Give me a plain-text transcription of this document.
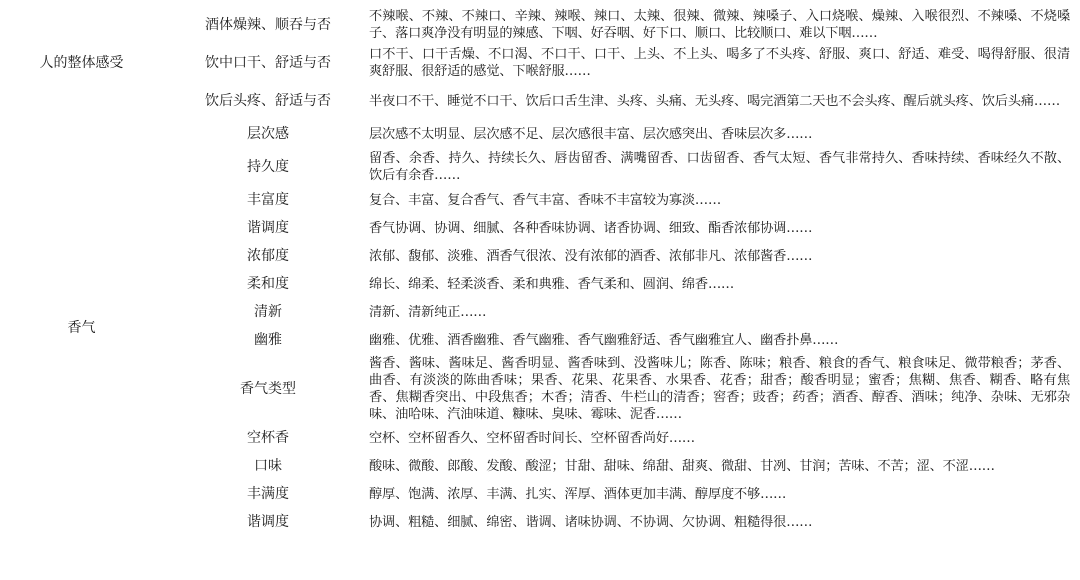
人的整体感受	酒体燥辣、顺吞与否	不辣喉、不辣、不辣口、辛辣、辣喉、辣口、太辣、很辣、微辣、辣嗓子、入口烧喉、燥辣、入喉很烈、不辣嗓、不烧嗓子、落口爽净没有明显的辣感、下咽、好吞咽、好下口、顺口、比较顺口、难以下咽……
	饮中口干、舒适与否	口不干、口干舌燥、不口渴、不口干、口干、上头、不上头、喝多了不头疼、舒服、爽口、舒适、难受、喝得舒服、很清爽舒服、很舒适的感觉、下喉舒服……
	饮后头疼、舒适与否	半夜口不干、睡觉不口干、饮后口舌生津、头疼、头痛、无头疼、喝完酒第二天也不会头疼、醒后就头疼、饮后头痛……
香气	层次感	层次感不太明显、层次感不足、层次感很丰富、层次感突出、香味层次多……
	持久度	留香、余香、持久、持续长久、唇齿留香、满嘴留香、口齿留香、香气太短、香气非常持久、香味持续、香味经久不散、饮后有余香……
	丰富度	复合、丰富、复合香气、香气丰富、香味不丰富较为寡淡……
	谐调度	香气协调、协调、细腻、各种香味协调、诸香协调、细致、酯香浓郁协调……
	浓郁度	浓郁、馥郁、淡雅、酒香气很浓、没有浓郁的酒香、浓郁非凡、浓郁酱香……
	柔和度	绵长、绵柔、轻柔淡香、柔和典雅、香气柔和、圆润、绵香……
	清新	清新、清新纯正……
	幽雅	幽雅、优雅、酒香幽雅、香气幽雅、香气幽雅舒适、香气幽雅宜人、幽香扑鼻……
	香气类型	酱香、酱味、酱味足、酱香明显、酱香味到、没酱味儿；陈香、陈味；粮香、粮食的香气、粮食味足、微带粮香；茅香、曲香、有淡淡的陈曲香味；果香、花果、花果香、水果香、花香；甜香；酸香明显；蜜香；焦糊、焦香、糊香、略有焦香、焦糊香突出、中段焦香；木香；清香、牛栏山的清香；窖香；豉香；药香；酒香、醇香、酒味；纯净、杂味、无邪杂味、油哈味、汽油味道、糠味、臭味、霉味、泥香……
	空杯香	空杯、空杯留香久、空杯留香时间长、空杯留香尚好……
	口味	酸味、微酸、郎酸、发酸、酸涩；甘甜、甜味、绵甜、甜爽、微甜、甘冽、甘润；苦味、不苦；涩、不涩……
	丰满度	醇厚、饱满、浓厚、丰满、扎实、浑厚、酒体更加丰满、醇厚度不够……
	谐调度	协调、粗糙、细腻、绵密、谐调、诸味协调、不协调、欠协调、粗糙得很……
